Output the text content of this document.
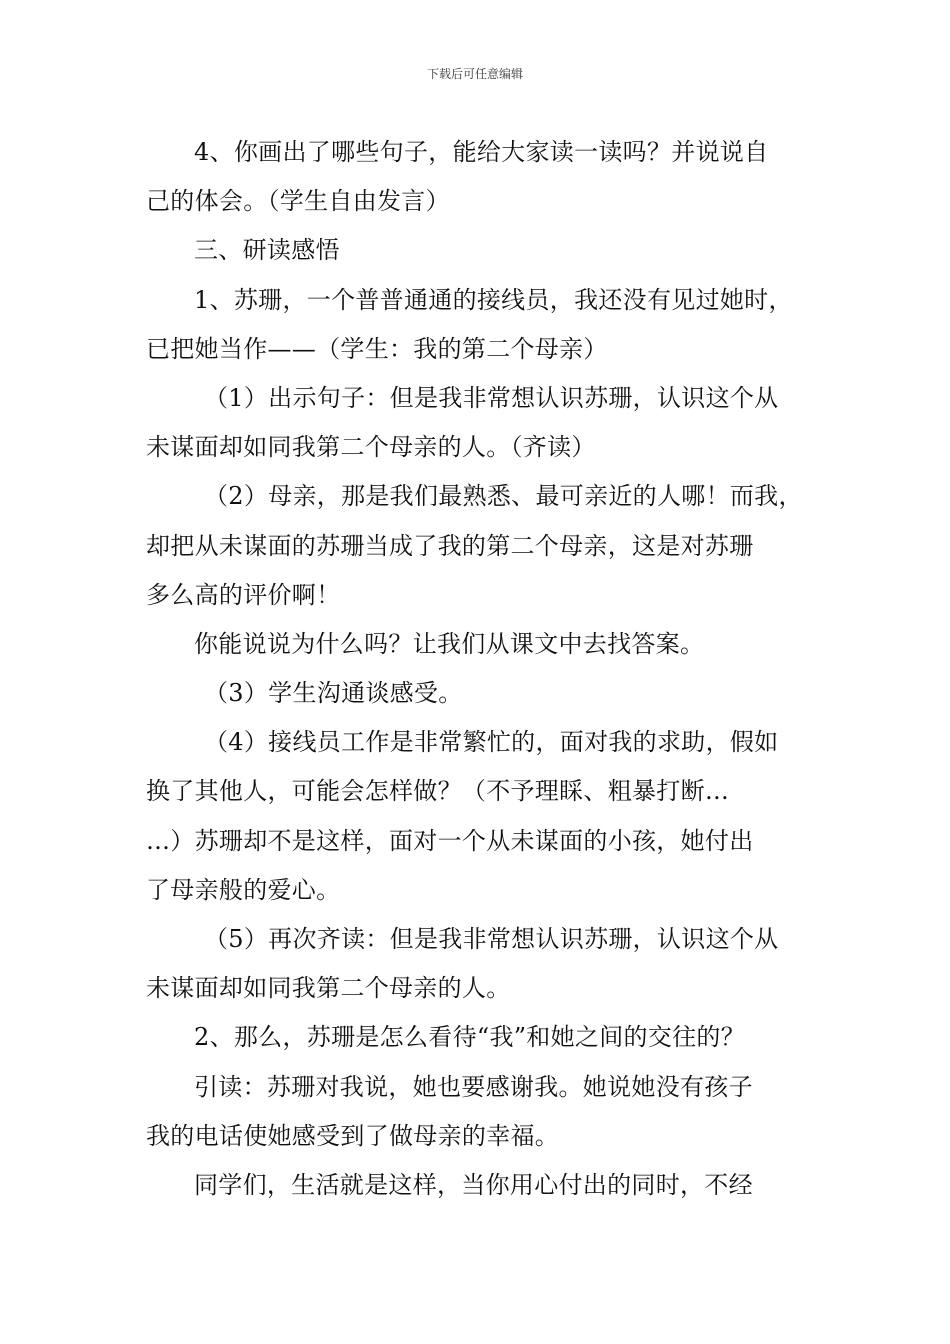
下载后可任意编辑
4、你画出了哪些句子，能给大家读一读吗？并说说自
己的体会。（学生自由发言）
三、研读感悟
1、苏珊，一个普普通通的接线员，我还没有见过她时，
已把她当作——（学生：我的第二个母亲）
（1）出示句子：但是我非常想认识苏珊，认识这个从
未谋面却如同我第二个母亲的人。（齐读）
（2）母亲，那是我们最熟悉、最可亲近的人哪！而我，
却把从未谋面的苏珊当成了我的第二个母亲，这是对苏珊
多么高的评价啊！
你能说说为什么吗？让我们从课文中去找答案。
（3）学生沟通谈感受。
（4）接线员工作是非常繁忙的，面对我的求助，假如
换了其他人，可能会怎样做？（不予理睬、粗暴打断…
…）苏珊却不是这样，面对一个从未谋面的小孩，她付出
了母亲般的爱心。
（5）再次齐读：但是我非常想认识苏珊，认识这个从
未谋面却如同我第二个母亲的人。
2、那么，苏珊是怎么看待“我”和她之间的交往的？
引读：苏珊对我说，她也要感谢我。她说她没有孩子
我的电话使她感受到了做母亲的幸福。
同学们，生活就是这样，当你用心付出的同时，不经
